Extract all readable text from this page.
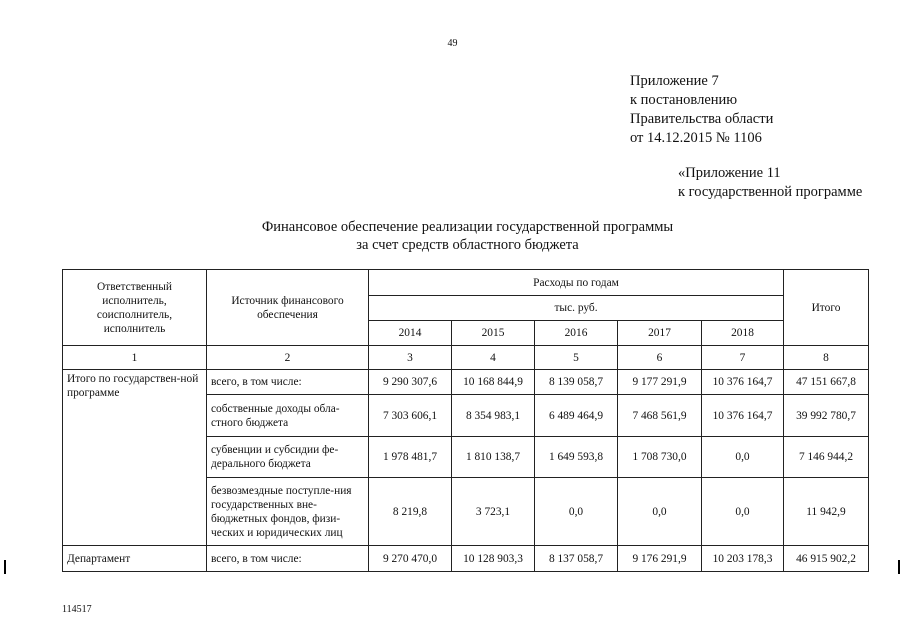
49
Приложение 7
к постановлению
Правительства области
от 14.12.2015 № 1106
«Приложение 11
к государственной программе
Финансовое обеспечение реализации государственной программы
за счет средств областного бюджета
Ответственный исполнитель, соисполнитель, исполнитель	Источник финансового обеспечения	Расходы по годам					Итого
		тыс. руб.					
		2014	2015	2016	2017	2018	
1	2	3	4	5	6	7	8
Итого по государствен-ной программе	всего, в том числе:	9 290 307,6	10 168 844,9	8 139 058,7	9 177 291,9	10 376 164,7	47 151 667,8
	собственные доходы обла-стного бюджета	7 303 606,1	8 354 983,1	6 489 464,9	7 468 561,9	10 376 164,7	39 992 780,7
	субвенции и субсидии фе-дерального бюджета	1 978 481,7	1 810 138,7	1 649 593,8	1 708 730,0	0,0	7 146 944,2
	безвозмездные поступле-ния государственных вне-бюджетных фондов, физи-ческих и юридических лиц	8 219,8	3 723,1	0,0	0,0	0,0	11 942,9
Департамент	всего, в том числе:	9 270 470,0	10 128 903,3	8 137 058,7	9 176 291,9	10 203 178,3	46 915 902,2
114517
